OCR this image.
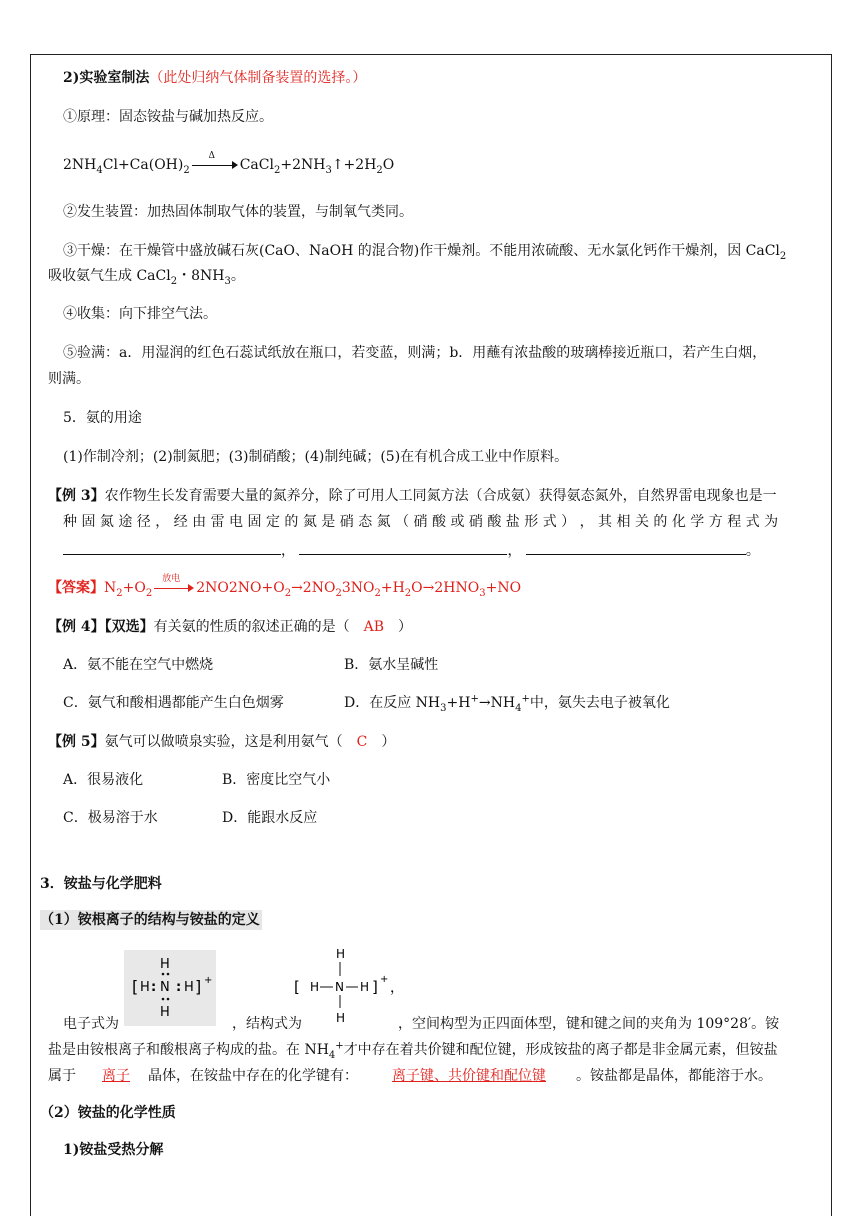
2)实验室制法（此处归纳气体制备装置的选择。）
①原理：固态铵盐与碱加热反应。
$2NH_4Cl+Ca(OH)_2$
Δ
$CaCl_2+2NH_3↑+2H_2O$
②发生装置：加热固体制取气体的装置，与制氧气类同。
③干燥：在干燥管中盛放碱石灰(CaO、NaOH 的混合物)作干燥剂。不能用浓硫酸、无水氯化钙作干燥剂，因 CaCl$_2$
吸收氨气生成 CaCl$_2$・$8NH_3$。
④收集：向下排空气法。
⑤验满：a．用湿润的红色石蕊试纸放在瓶口，若变蓝，则满；b．用蘸有浓盐酸的玻璃棒接近瓶口，若产生白烟，
则满。
5．氨的用途
(1)作制冷剂；(2)制氮肥；(3)制硝酸；(4)制纯碱；(5)在有机合成工业中作原料。
【例 3】农作物生长发育需要大量的氮养分，除了可用人工同氮方法（合成氨）获得氨态氮外，自然界雷电现象也是一
种 固 氮 途 径 ， 经 由 雷 电 固 定 的 氮 是 硝 态 氮 （ 硝 酸 或 硝 酸 盐 形 式 ） ， 其 相 关 的 化 学 方 程 式 为
，	，	。
【答案】$N_2+O_2$
放电
$2NO2NO+O_2\to 2NO_23NO_2+H_2O\to 2HNO_3+NO$
【例 4】【双选】有关氨的性质的叙述正确的是（ AB ）
A．氨不能在空气中燃烧	B．氨水呈碱性
C．氨气和酸相遇都能产生白色烟雾	D．在反应 $NH_3+H^+\to NH_4^+$中，氨失去电子被氧化
【例 5】氨气可以做喷泉实验，这是利用氨气（ C ）
A．很易液化	B．密度比空气小
C．极易溶于水	D．能跟水反应
3．铵盐与化学肥料
（1）铵根离子的结构与铵盐的定义
H
[ H : N : H ] +
H
H
[ H N H ] +
，
H
电子式为	，结构式为	，空间构型为正四面体型，键和键之间的夹角为 109°28′。铵
盐是由铵根离子和酸根离子构成的盐。在 $NH_4^+$才中存在着共价键和配位键，形成铵盐的离子都是非金属元素，但铵盐
属于 离子 晶体，在铵盐中存在的化学键有： 离子键、共价键和配位键 。铵盐都是晶体，都能溶于水。
（2）铵盐的化学性质
1)铵盐受热分解
